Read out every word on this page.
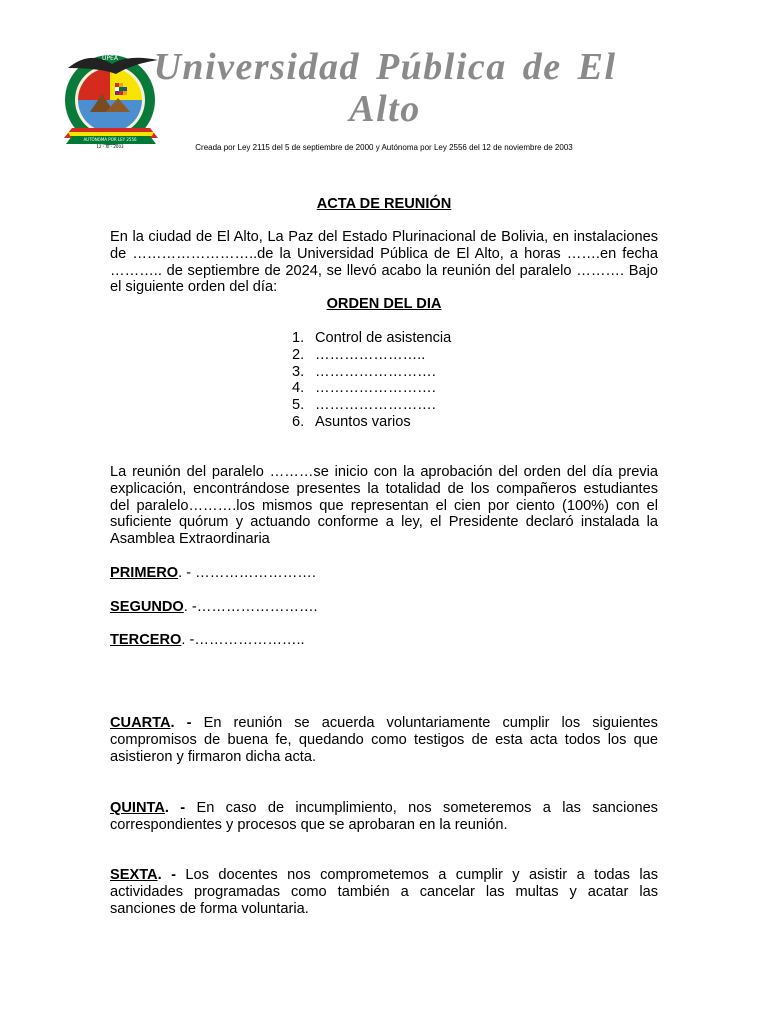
UPEA
AUTÓNOMA POR LEY 2556
12 - XI - 2003
Universidad Pública de El Alto
Creada por Ley 2115 del 5 de septiembre de 2000 y Autónoma por Ley 2556 del 12 de noviembre de 2003
ACTA DE REUNIÓN

En la ciudad de El Alto, La Paz del Estado Plurinacional de Bolivia, en instalaciones de ……………………..de la Universidad Pública de El Alto, a horas …….en fecha ……….. de septiembre de 2024, se llevó acabo la reunión del paralelo ………. Bajo el siguiente orden del día:

ORDEN DEL DIA
1. Control de asistencia
2. …………………..
3. …………………….
4. …………………….
5. …………………….
6. Asuntos varios

La reunión del paralelo ………se inicio con la aprobación del orden del día previa explicación, encontrándose presentes la totalidad de los compañeros estudiantes del paralelo……….los mismos que representan el cien por ciento (100%) con el suficiente quórum y actuando conforme a ley, el Presidente declaró instalada la Asamblea Extraordinaria

PRIMERO. - …………………….

SEGUNDO. -…………………….

TERCERO. -…………………..

CUARTA. - En reunión se acuerda voluntariamente cumplir los siguientes compromisos de buena fe, quedando como testigos de esta acta todos los que asistieron y firmaron dicha acta.

QUINTA. - En caso de incumplimiento, nos someteremos a las sanciones correspondientes y procesos que se aprobaran en la reunión.

SEXTA. - Los docentes nos comprometemos a cumplir y asistir a todas las actividades programadas como también a cancelar las multas y acatar las sanciones de forma voluntaria.
